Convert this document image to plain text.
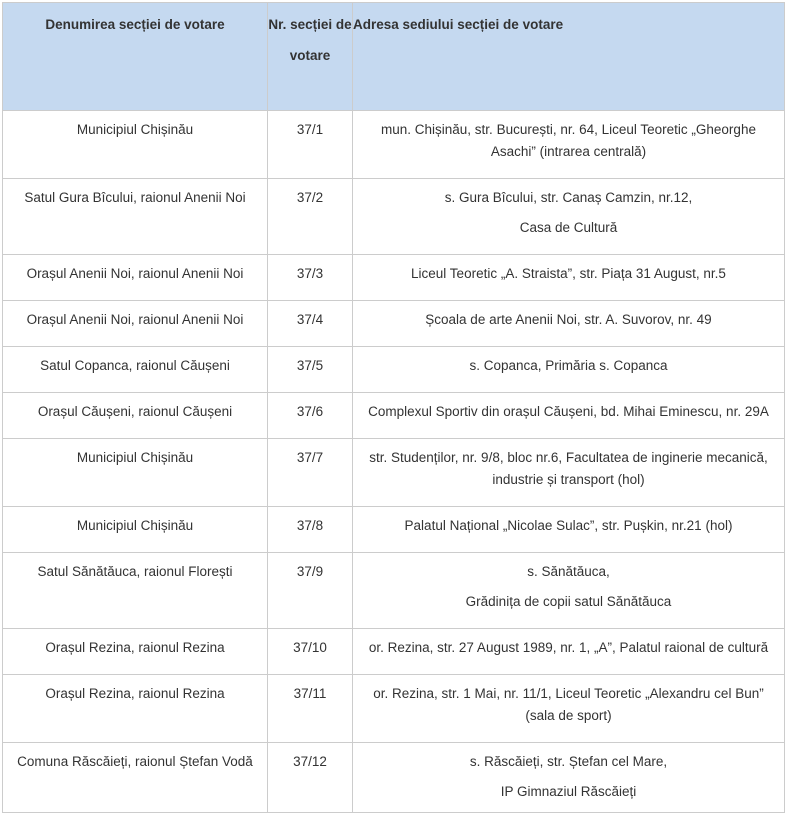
Denumirea secției de votare	Nr. secției de votare	Adresa sediului secției de votare
Municipiul Chișinău	37/1	mun. Chișinău, str. București, nr. 64, Liceul Teoretic „Gheorghe
Asachi” (intrarea centrală)

Satul Gura Bîcului, raionul Anenii Noi	37/2	s. Gura Bîcului, str. Canaș Camzin, nr.12,
Casa de Cultură

Orașul Anenii Noi, raionul Anenii Noi	37/3	Liceul Teoretic „A. Straista”, str. Piața 31 August, nr.5

Orașul Anenii Noi, raionul Anenii Noi	37/4	Școala de arte Anenii Noi, str. A. Suvorov, nr. 49

Satul Copanca, raionul Căușeni	37/5	s. Copanca, Primăria s. Copanca

Orașul Căușeni, raionul Căușeni	37/6	Complexul Sportiv din orașul Căușeni, bd. Mihai Eminescu, nr. 29A

Municipiul Chișinău	37/7	str. Studenților, nr. 9/8, bloc nr.6, Facultatea de inginerie mecanică,
industrie și transport (hol)

Municipiul Chișinău	37/8	Palatul Național „Nicolae Sulac”, str. Pușkin, nr.21 (hol)

Satul Sănătăuca, raionul Florești	37/9	s. Sănătăuca,
Grădinița de copii satul Sănătăuca

Orașul Rezina, raionul Rezina	37/10	or. Rezina, str. 27 August 1989, nr. 1, „A”, Palatul raional de cultură

Orașul Rezina, raionul Rezina	37/11	or. Rezina, str. 1 Mai, nr. 11/1, Liceul Teoretic „Alexandru cel Bun”
(sala de sport)

Comuna Răscăieți, raionul Ștefan Vodă	37/12	s. Răscăieți, str. Ștefan cel Mare,
IP Gimnaziul Răscăieți
